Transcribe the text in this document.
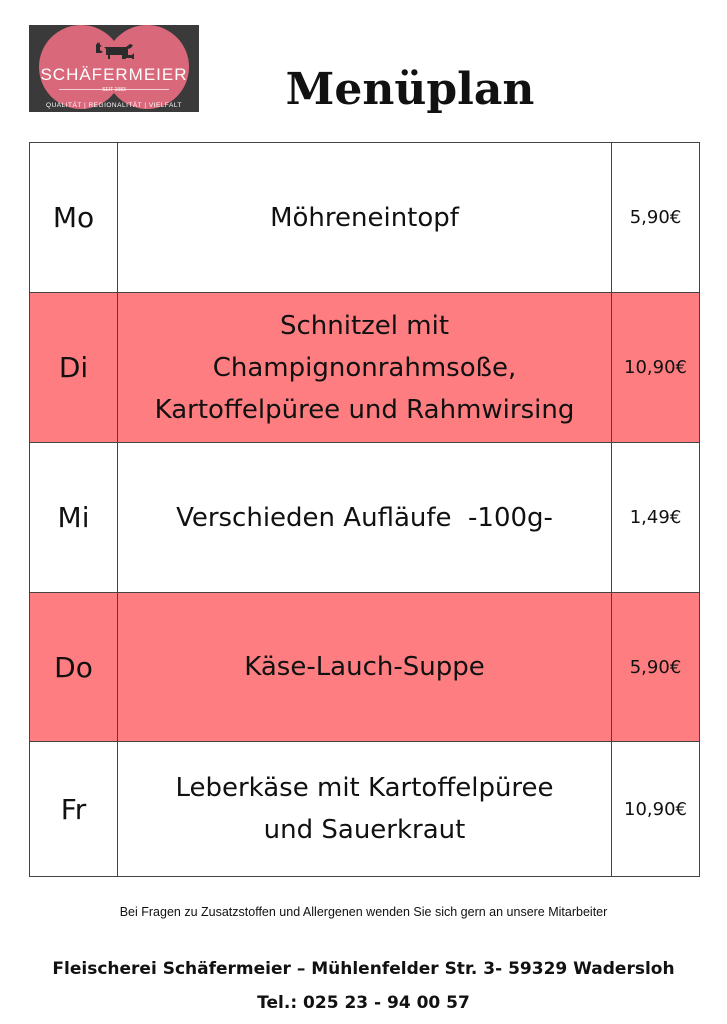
SCHÄFERMEIER
SEIT 1983
QUALITÄT | REGIONALITÄT | VIELFALT	Menüplan
Mo	Möhreneintopf	5,90€
Di	Schnitzel mit
Champignonrahmsoße,
Kartoffelpüree und Rahmwirsing	10,90€
Mi	Verschieden Aufläufe  -100g-	1,49€
Do	Käse-Lauch-Suppe	5,90€
Fr	Leberkäse mit Kartoffelpüree
und Sauerkraut	10,90€
Bei Fragen zu Zusatzstoffen und Allergenen wenden Sie sich gern an unsere Mitarbeiter
Fleischerei Schäfermeier – Mühlenfelder Str. 3- 59329 Wadersloh
Tel.: 025 23 - 94 00 57
